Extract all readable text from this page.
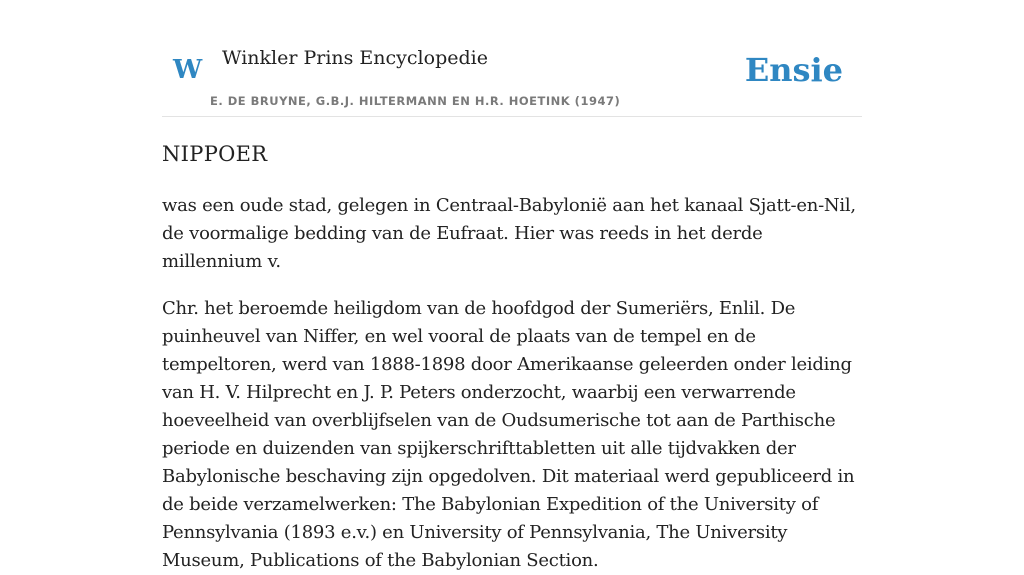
W Winkler Prins Encyclopedie
E. DE BRUYNE, G.B.J. HILTERMANN EN H.R. HOETINK (1947)
Ensie
NIPPOER

was een oude stad, gelegen in Centraal-Babylonië aan het kanaal Sjatt-en-Nil, de voormalige bedding van de Eufraat. Hier was reeds in het derde millennium v.

Chr. het beroemde heiligdom van de hoofdgod der Sumeriërs, Enlil. De puinheuvel van Niffer, en wel vooral de plaats van de tempel en de tempeltoren, werd van 1888-1898 door Amerikaanse geleerden onder leiding van H. V. Hilprecht en J. P. Peters onderzocht, waarbij een verwarrende hoeveelheid van overblijfselen van de Oudsumerische tot aan de Parthische periode en duizenden van spijkerschrifttabletten uit alle tijdvakken der Babylonische beschaving zijn opgedolven. Dit materiaal werd gepubliceerd in de beide verzamelwerken: The Babylonian Expedition of the University of Pennsylvania (1893 e.v.) en University of Pennsylvania, The University Museum, Publications of the Babylonian Section.
